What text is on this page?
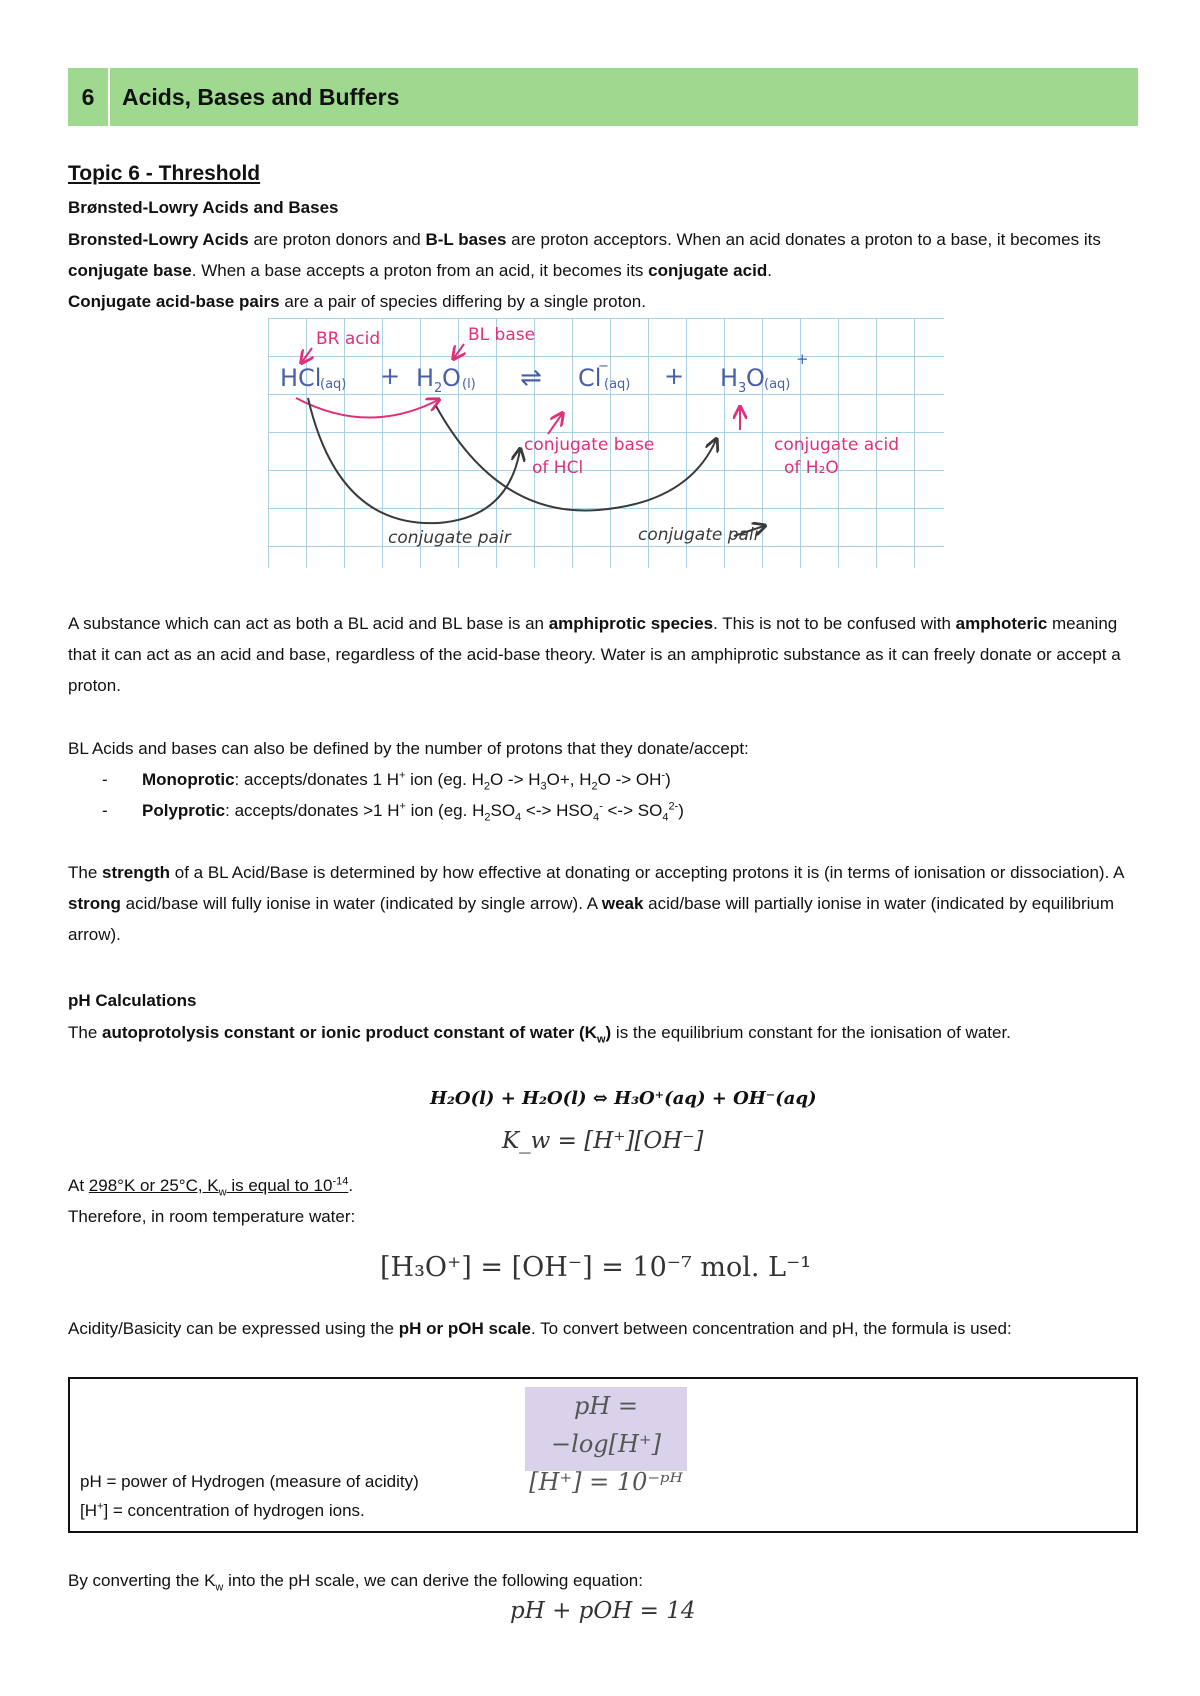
6	Acids, Bases and Buffers
Topic 6 - Threshold
Brønsted-Lowry Acids and Bases
Bronsted-Lowry Acids are proton donors and B-L bases are proton acceptors. When an acid donates a proton to a base, it becomes its conjugate base. When a base accepts a proton from an acid, it becomes its conjugate acid.
Conjugate acid-base pairs are a pair of species differing by a single proton.
BR acid	BL base
conjugate base
of HCl
conjugate acid
of H₂O
HCl
(aq) + H 2 O (l) ⇌ Cl (aq)
− + H 3 O (aq)
+
conjugate pair	conjugate pair
A substance which can act as both a BL acid and BL base is an amphiprotic species. This is not to be confused with amphoteric meaning that it can act as an acid and base, regardless of the acid-base theory. Water is an amphiprotic substance as it can freely donate or accept a proton.
BL Acids and bases can also be defined by the number of protons that they donate/accept:
- Monoprotic: accepts/donates 1 H+ ion (eg. $H_2O -> H_3O+$, $H_2O -> OH^-$)
- Polyprotic: accepts/donates >1 H+ ion (eg. $H_2SO_4$ <-> $HSO_4^-$ <-> $SO_4^{2-}$)
The strength of a BL Acid/Base is determined by how effective at donating or accepting protons it is (in terms of ionisation or dissociation). A strong acid/base will fully ionise in water (indicated by single arrow). A weak acid/base will partially ionise in water (indicated by equilibrium arrow).
pH Calculations
The autoprotolysis constant or ionic product constant of water $(K_w)$ is the equilibrium constant for the ionisation of water.
H₂O(l) + H₂O(l) ⇔ H₃O⁺(aq) + OH⁻(aq)
K_w = [H⁺][OH⁻]
At 298°K or 25°C, $K_w$ is equal to $10^{-14}$.
Therefore, in room temperature water:
[H₃O⁺] = [OH⁻] = 10⁻⁷ mol. L⁻¹
Acidity/Basicity can be expressed using the pH or pOH scale. To convert between concentration and pH, the formula is used:
pH = −log[H⁺]
[H⁺] = 10⁻ᵖᴴ
pH = power of Hydrogen (measure of acidity)
[H+] = concentration of hydrogen ions.
By converting the $K_w$ into the pH scale, we can derive the following equation:
pH + pOH = 14
